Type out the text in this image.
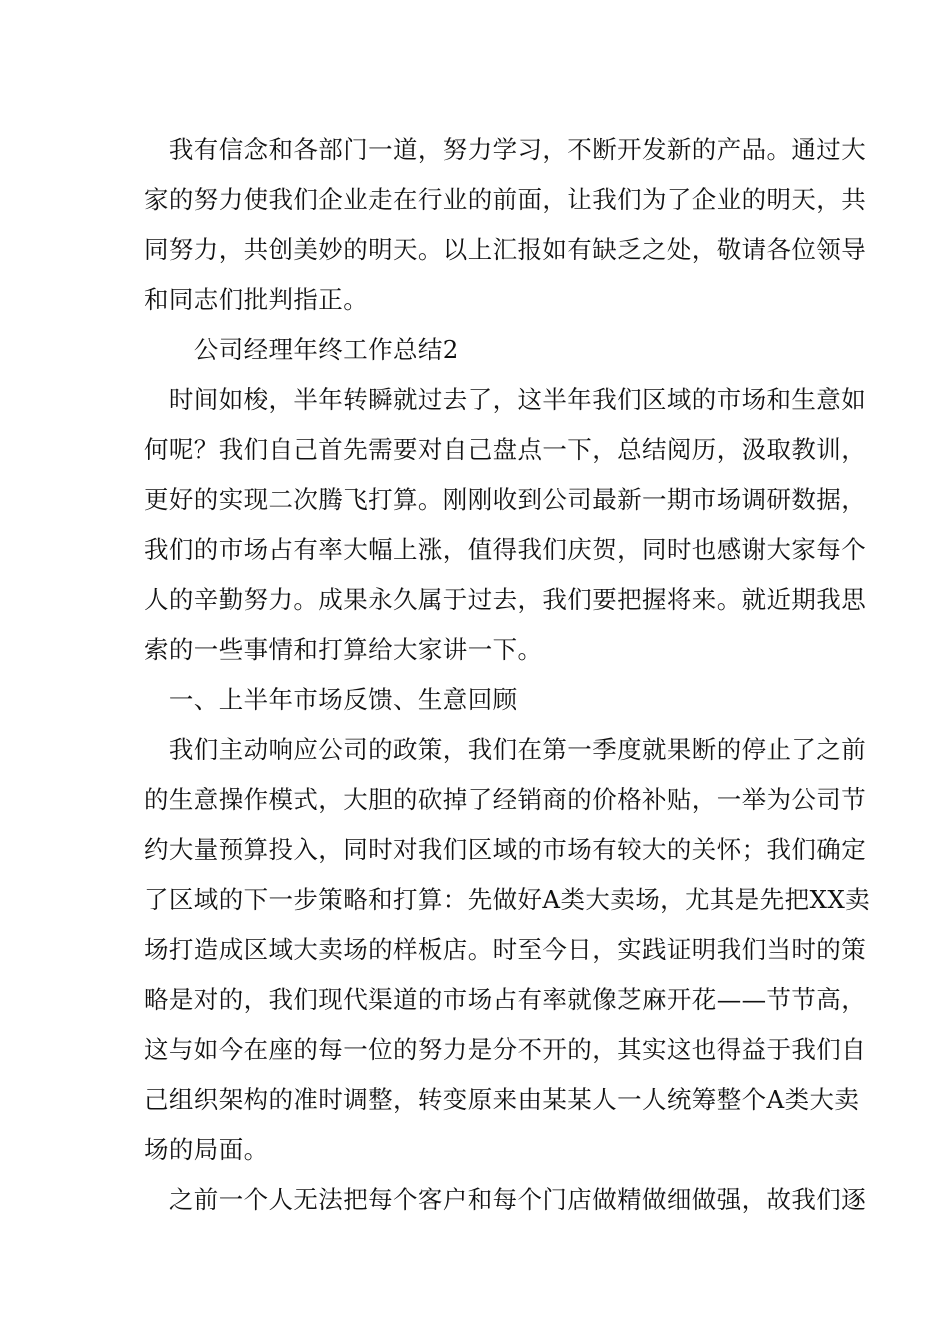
　我有信念和各部门一道，努力学习，不断开发新的产品。通过大
家的努力使我们企业走在行业的前面，让我们为了企业的明天，共
同努力，共创美妙的明天。以上汇报如有缺乏之处，敬请各位领导
和同志们批判指正。
　　公司经理年终工作总结2
　时间如梭，半年转瞬就过去了，这半年我们区域的市场和生意如
何呢？我们自己首先需要对自己盘点一下，总结阅历，汲取教训，
更好的实现二次腾飞打算。刚刚收到公司最新一期市场调研数据，
我们的市场占有率大幅上涨，值得我们庆贺，同时也感谢大家每个
人的辛勤努力。成果永久属于过去，我们要把握将来。就近期我思
索的一些事情和打算给大家讲一下。
　一、上半年市场反馈、生意回顾
　我们主动响应公司的政策，我们在第一季度就果断的停止了之前
的生意操作模式，大胆的砍掉了经销商的价格补贴，一举为公司节
约大量预算投入，同时对我们区域的市场有较大的关怀；我们确定
了区域的下一步策略和打算：先做好A类大卖场，尤其是先把XX卖
场打造成区域大卖场的样板店。时至今日，实践证明我们当时的策
略是对的，我们现代渠道的市场占有率就像芝麻开花——节节高，
这与如今在座的每一位的努力是分不开的，其实这也得益于我们自
己组织架构的准时调整，转变原来由某某人一人统筹整个A类大卖
场的局面。
　之前一个人无法把每个客户和每个门店做精做细做强，故我们逐
